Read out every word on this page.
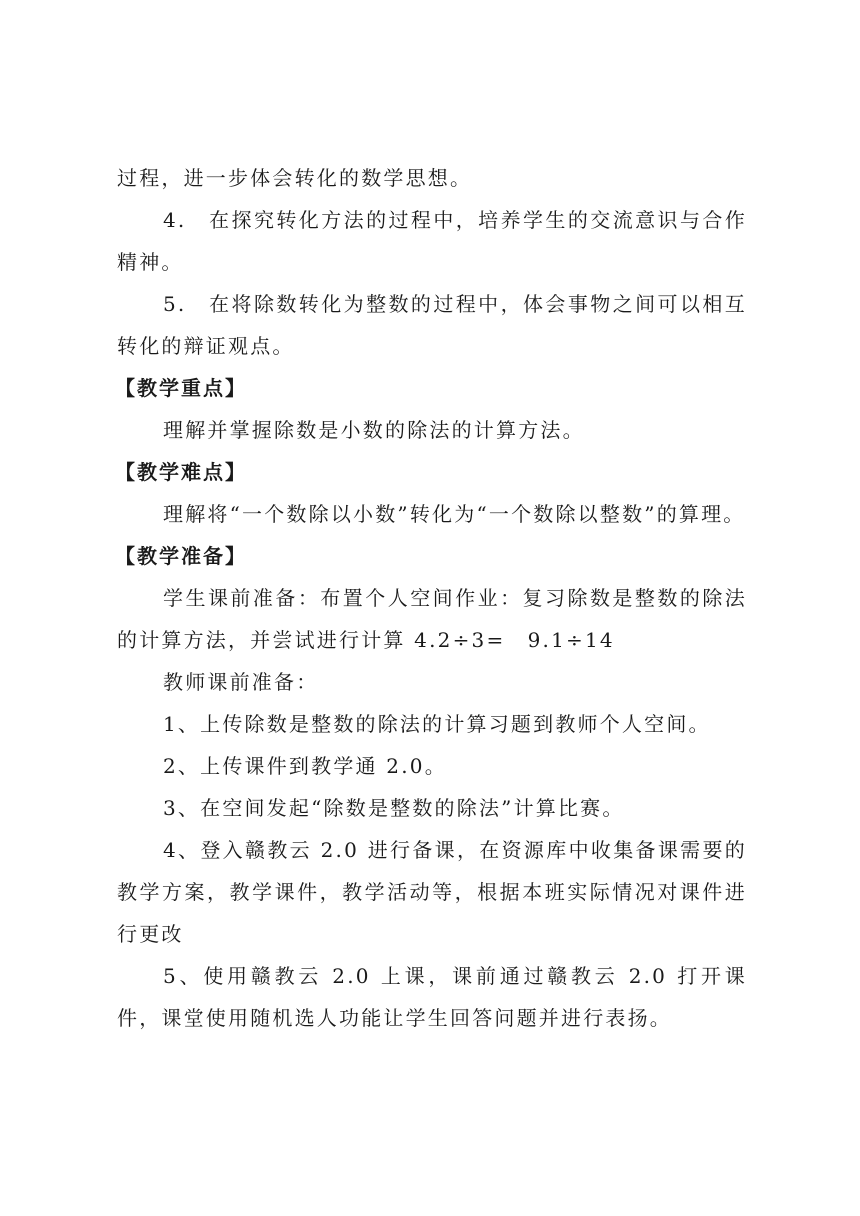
过程，进一步体会转化的数学思想。

4.　在探究转化方法的过程中，培养学生的交流意识与合作精神。

5.　在将除数转化为整数的过程中，体会事物之间可以相互转化的辩证观点。

【教学重点】

理解并掌握除数是小数的除法的计算方法。

【教学难点】

理解将“一个数除以小数”转化为“一个数除以整数”的算理。

【教学准备】

学生课前准备：布置个人空间作业：复习除数是整数的除法的计算方法，并尝试进行计算 4.2÷3=　9.1÷14

教师课前准备：

1、上传除数是整数的除法的计算习题到教师个人空间。

2、上传课件到教学通 2.0。

3、在空间发起“除数是整数的除法”计算比赛。

4、登入赣教云 2.0 进行备课，在资源库中收集备课需要的教学方案，教学课件，教学活动等，根据本班实际情况对课件进行更改

5、使用赣教云 2.0 上课，课前通过赣教云 2.0 打开课件，课堂使用随机选人功能让学生回答问题并进行表扬。
